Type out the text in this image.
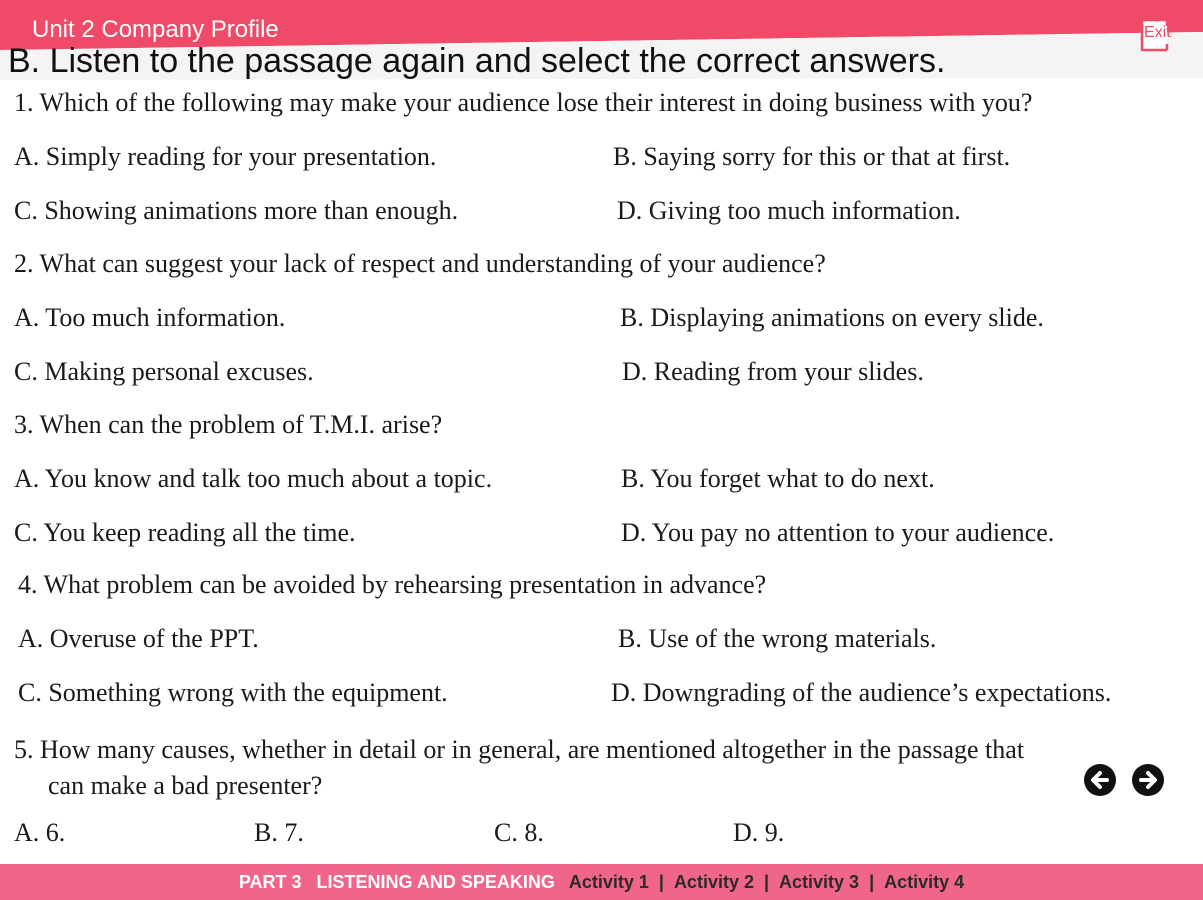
Unit 2 Company Profile	Exit
B. Listen to the passage again and select the correct answers.
1. Which of the following may make your audience lose their interest in doing business with you?
A. Simply reading for your presentation.	B. Saying sorry for this or that at first.
C. Showing animations more than enough.	D. Giving too much information.
2. What can suggest your lack of respect and understanding of your audience?
A. Too much information.	B. Displaying animations on every slide.
C. Making personal excuses.	D. Reading from your slides.
3. When can the problem of T.M.I. arise?
A. You know and talk too much about a topic.	B. You forget what to do next.
C. You keep reading all the time.	D. You pay no attention to your audience.
4. What problem can be avoided by rehearsing presentation in advance?
A. Overuse of the PPT.	B. Use of the wrong materials.
C. Something wrong with the equipment.	D. Downgrading of the audience’s expectations.
5. How many causes, whether in detail or in general, are mentioned altogether in the passage that
can make a bad presenter?
A. 6.	B. 7.	C. 8.	D. 9.
PART 3   LISTENING AND SPEAKING Activity 1 | Activity 2 | Activity 3 | Activity 4
